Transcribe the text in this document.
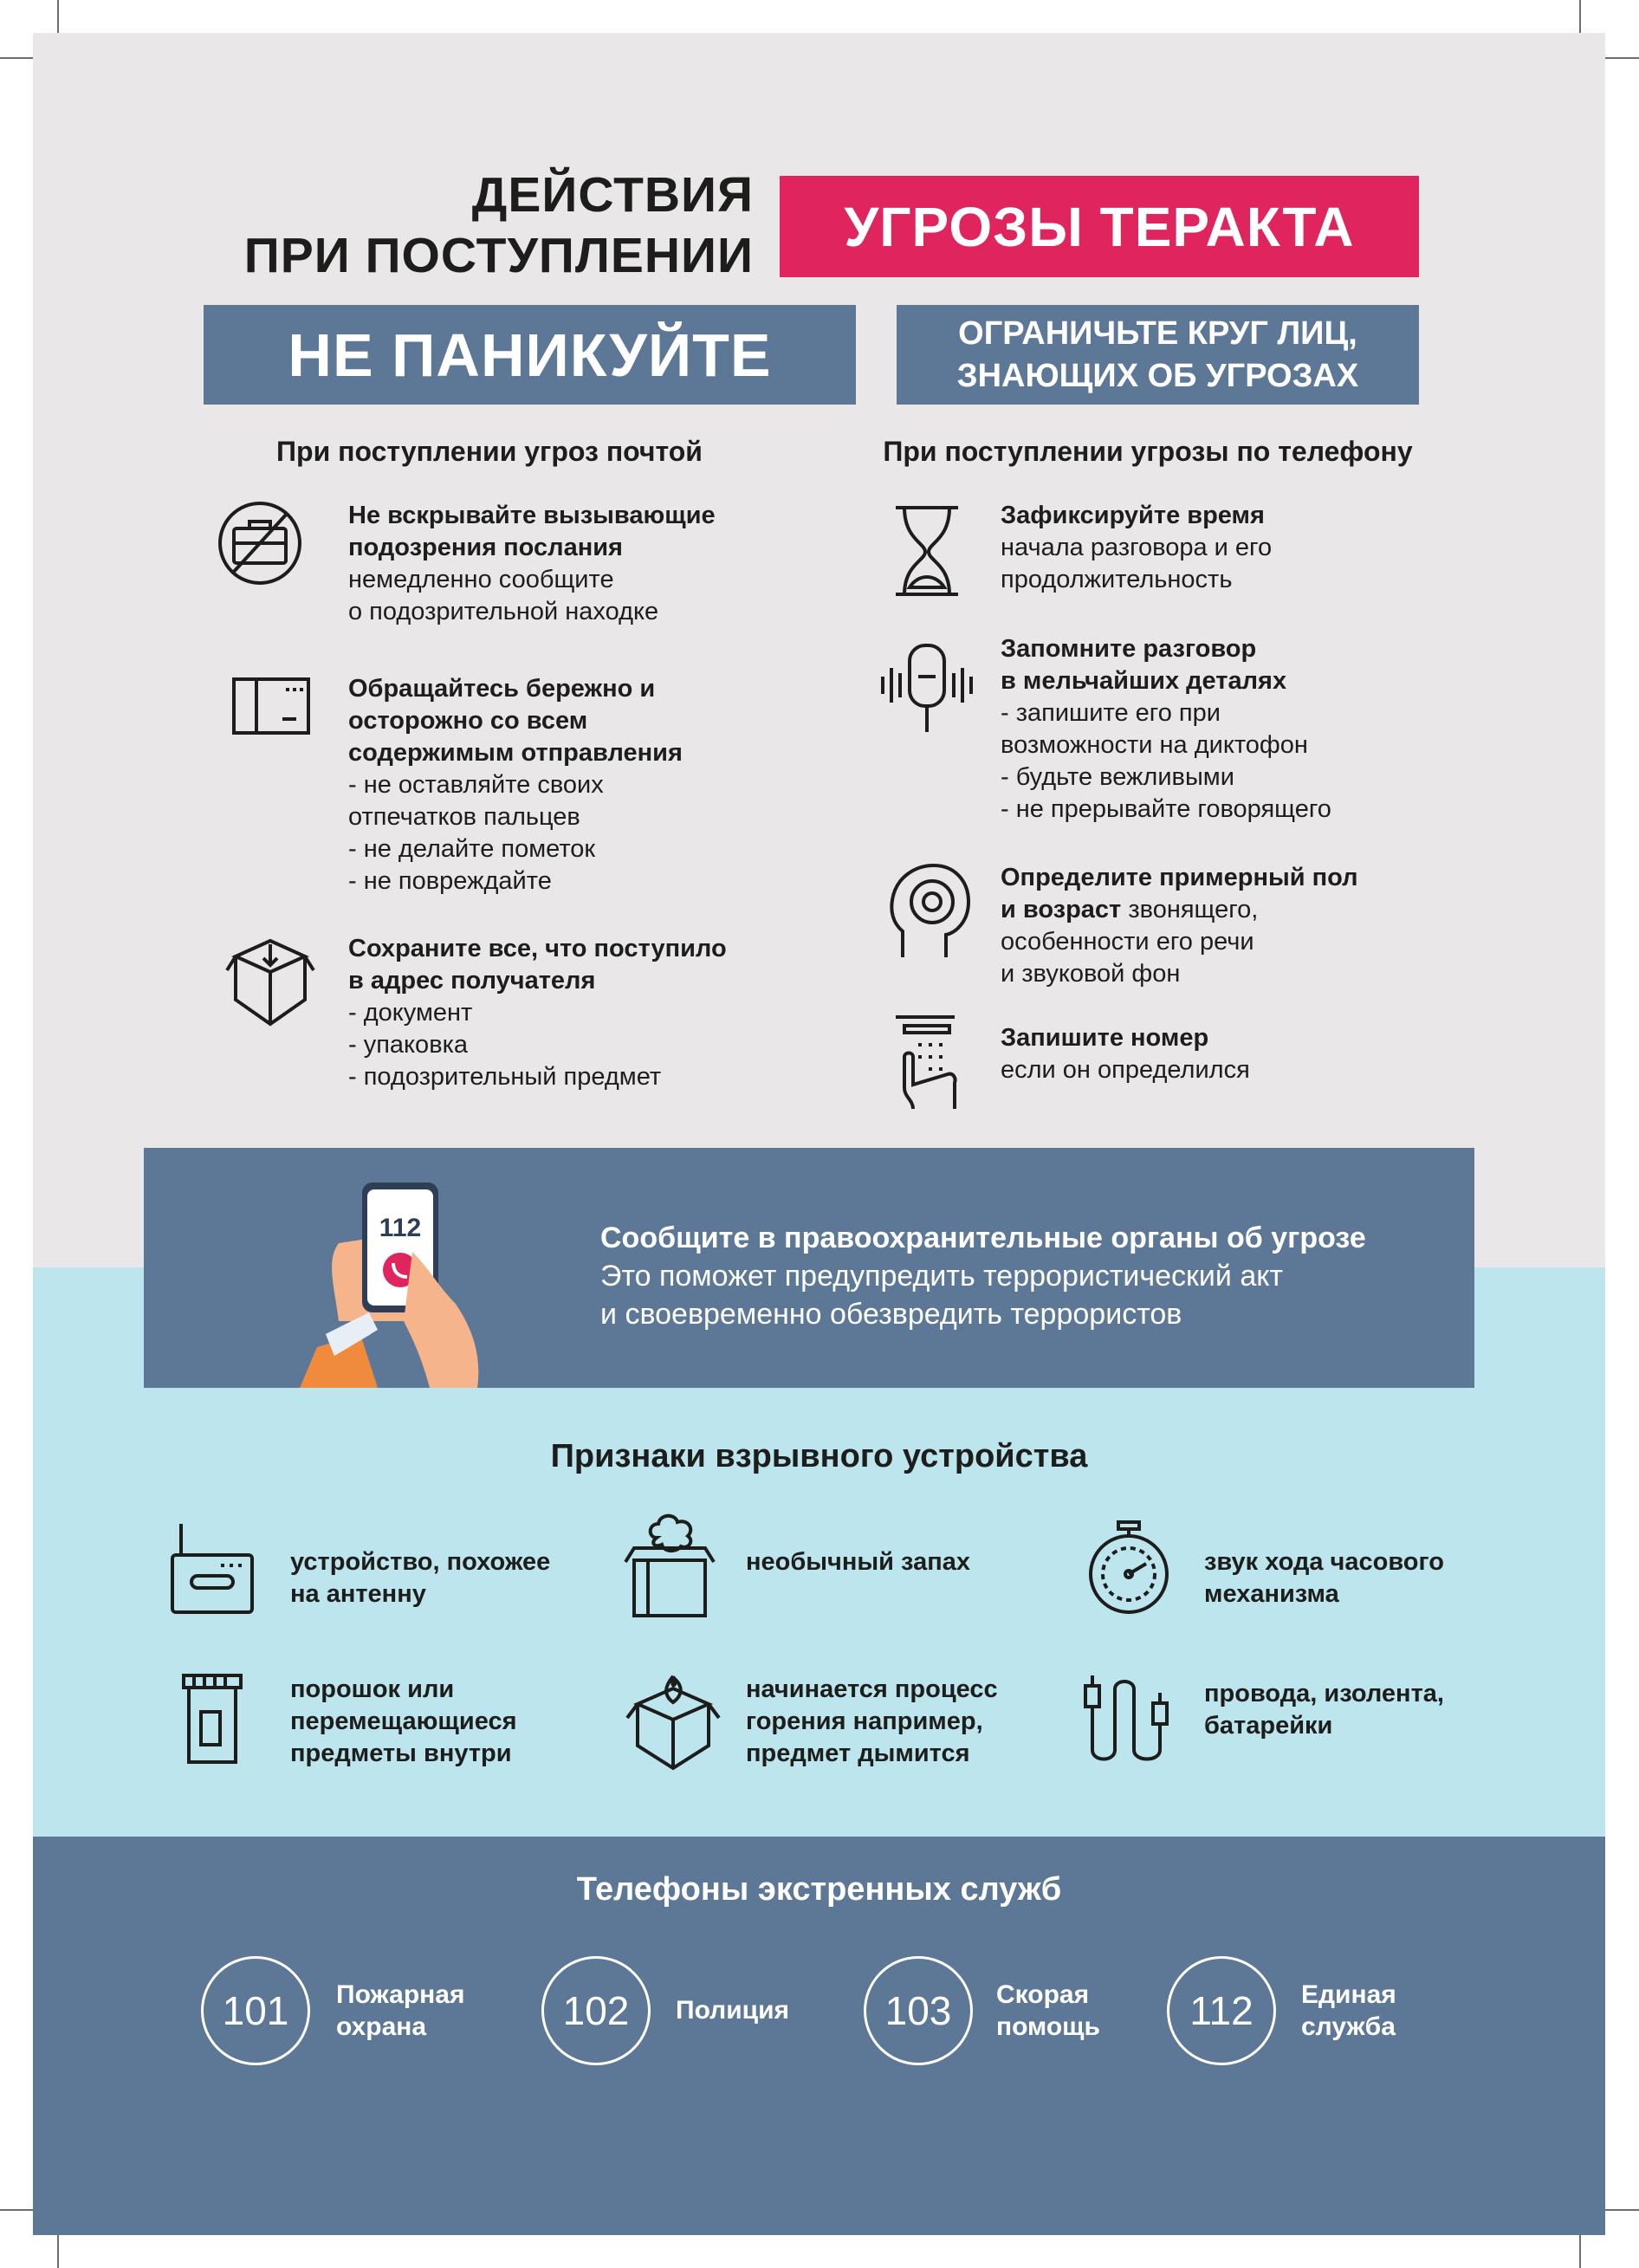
ДЕЙСТВИЯ
ПРИ ПОСТУПЛЕНИИ	УГРОЗЫ ТЕРАКТА
НЕ ПАНИКУЙТЕ	ОГРАНИЧЬТЕ КРУГ ЛИЦ,
ЗНАЮЩИХ ОБ УГРОЗАХ
При поступлении угроз почтой	При поступлении угрозы по телефону
Не вскрывайте вызывающие
подозрения послания
немедленно сообщите
о подозрительной находке
Обращайтесь бережно и
осторожно со всем
содержимым отправления
- не оставляйте своих
отпечатков пальцев
- не делайте пометок
- не повреждайте
Сохраните все, что поступило
в адрес получателя
- документ
- упаковка
- подозрительный предмет
Зафиксируйте время
начала разговора и его
продолжительность
Запомните разговор
в мельчайших деталях
- запишите его при
возможности на диктофон
- будьте вежливыми
- не прерывайте говорящего
Определите примерный пол
и возраст звонящего,
особенности его речи
и звуковой фон
Запишите номер
если он определился
112	Сообщите в правоохранительные органы об угрозе
Это поможет предупредить террористический акт
и своевременно обезвредить террористов
Признаки взрывного устройства
устройство, похожее
на антенну
необычный запах	звук хода часового
механизма
порошок или
перемещающиеся
предметы внутри
начинается процесс
горения например,
предмет дымится
провода, изолента,
батарейки
Телефоны экстренных служб
101	Пожарная
охрана	102	Полиция	103	Скорая
помощь	112	Единая
служба
